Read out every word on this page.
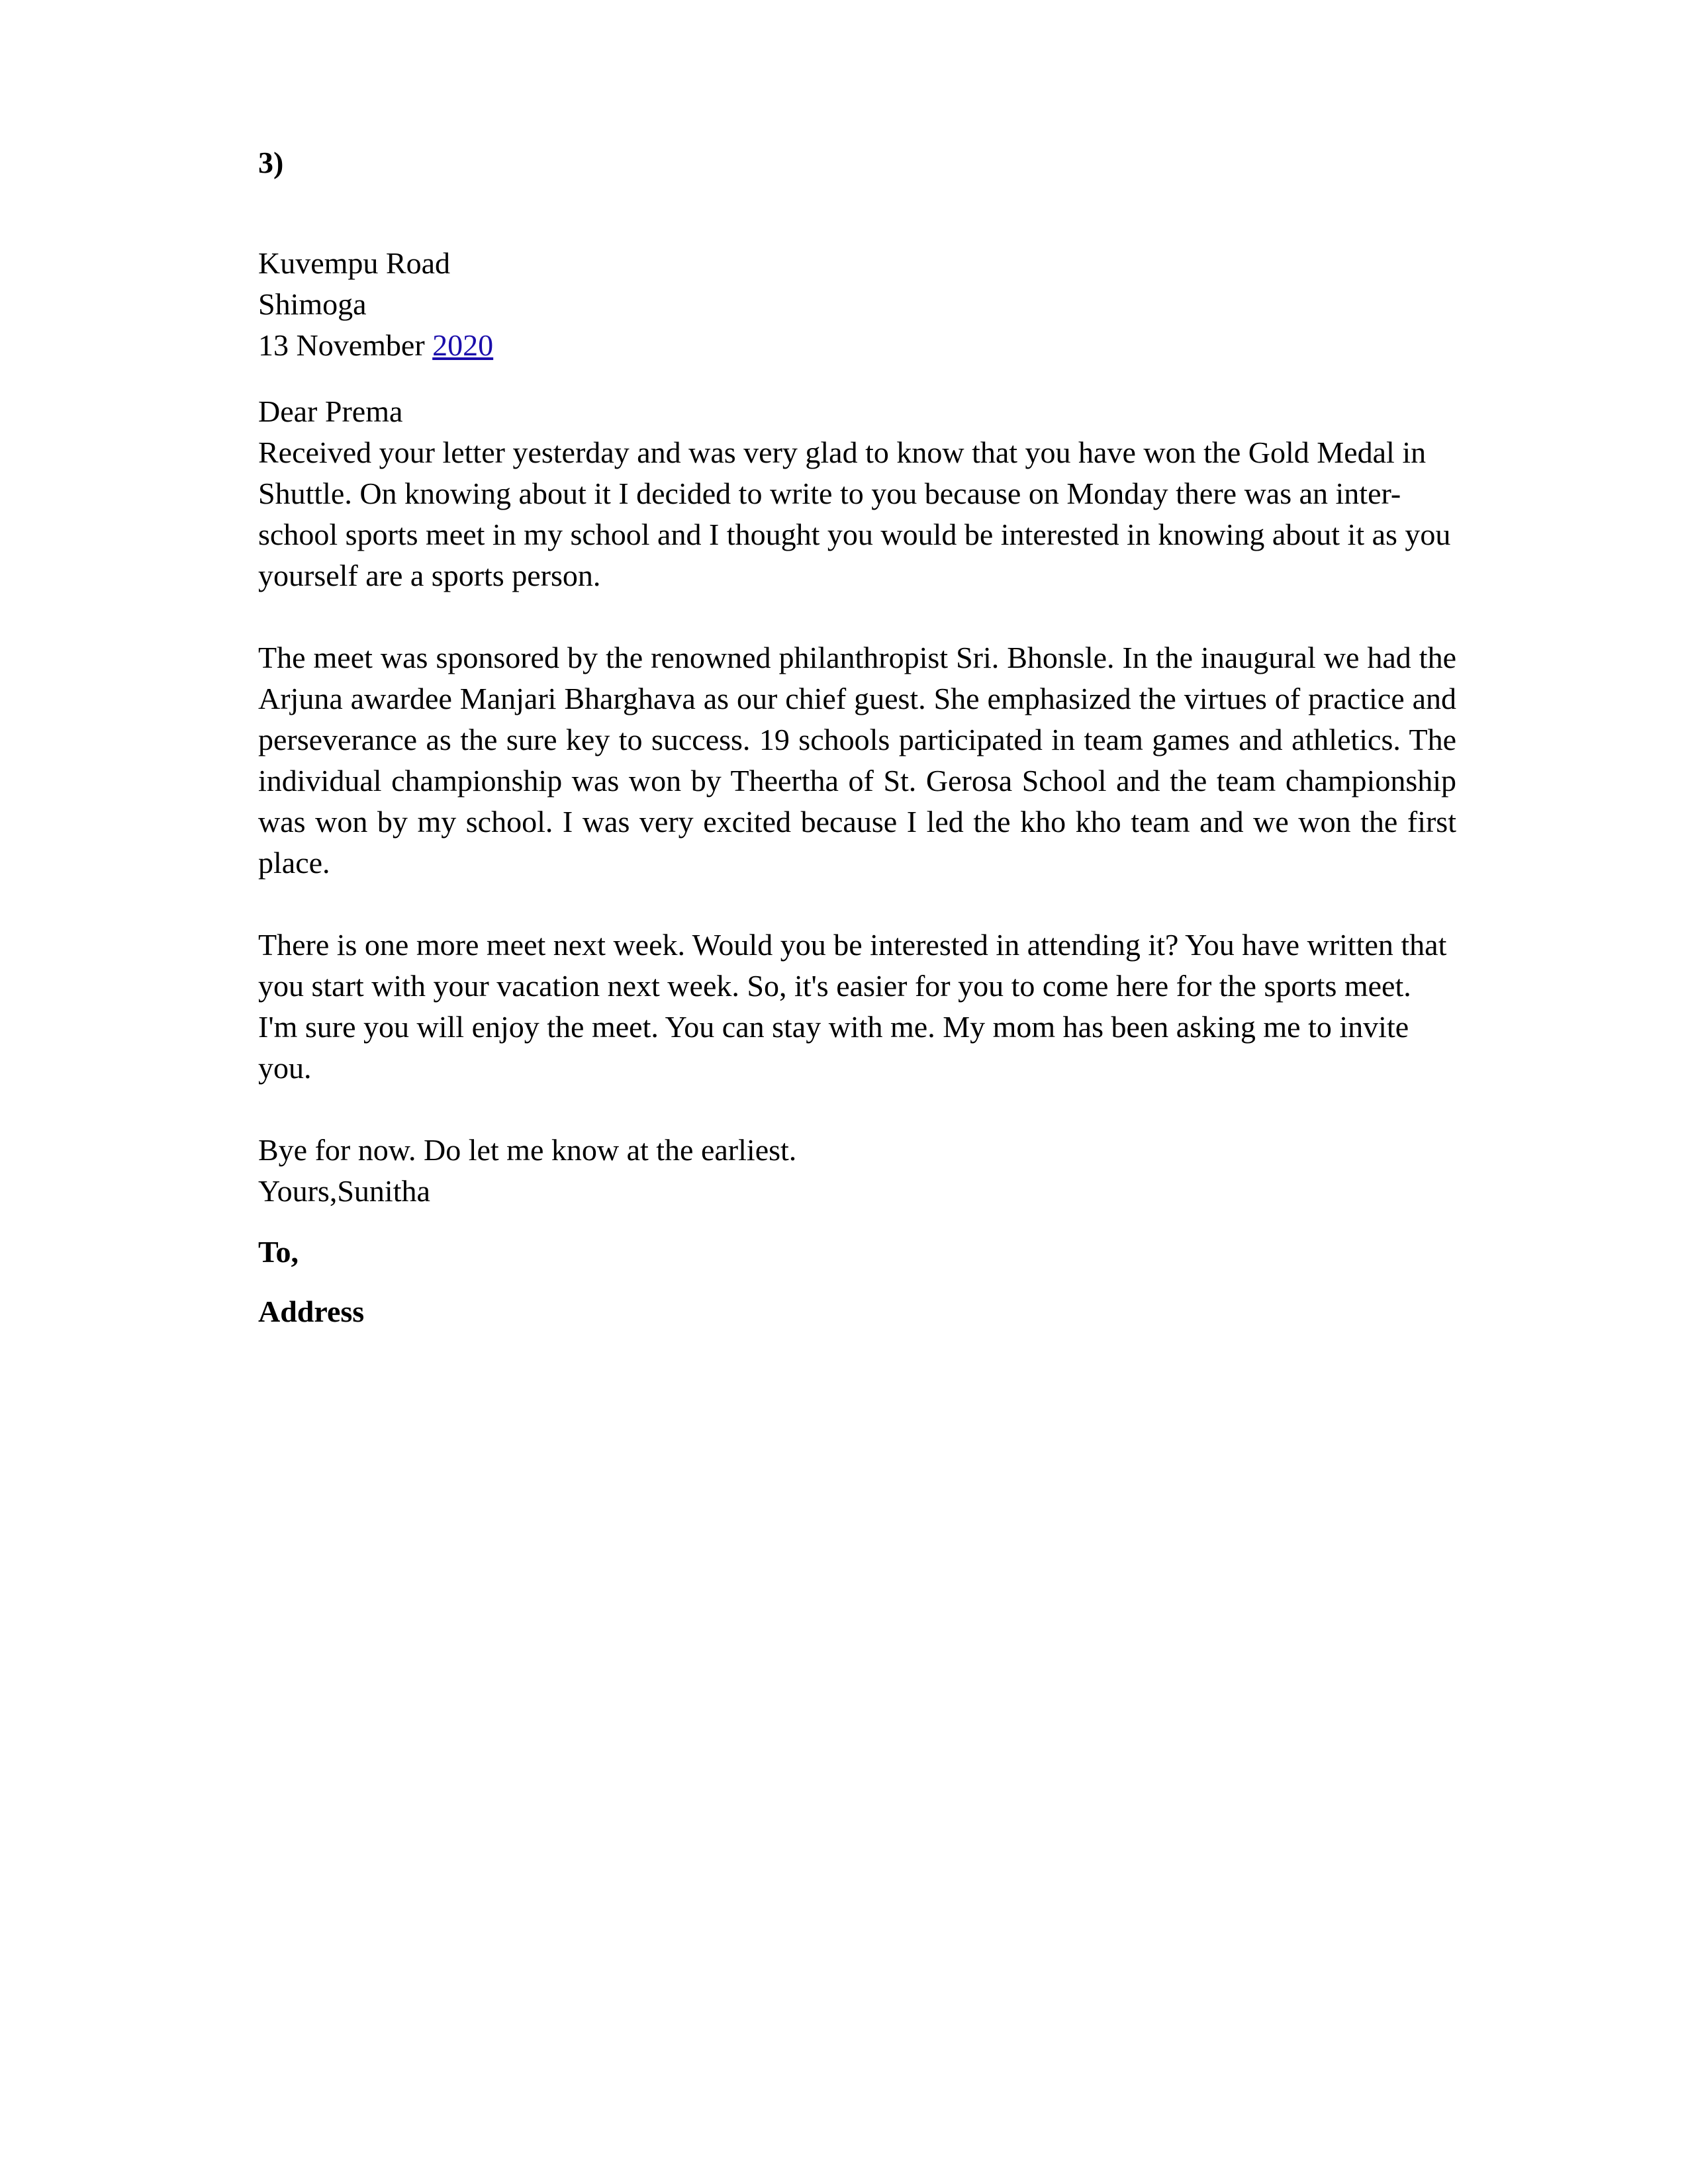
3)

Kuvempu Road
Shimoga
13 November 2020
Dear Prema

Received your letter yesterday and was very glad to know that you have won the Gold Medal in Shuttle. On knowing about it I decided to write to you because on Monday there was an inter-school sports meet in my school and I thought you would be interested in knowing about it as you yourself are a sports person.

The meet was sponsored by the renowned philanthropist Sri. Bhonsle. In the inaugural we had the Arjuna awardee Manjari Bharghava as our chief guest. She emphasized the virtues of practice and perseverance as the sure key to success. 19 schools participated in team games and athletics. The individual championship was won by Theertha of St. Gerosa School and the team championship was won by my school. I was very excited because I led the kho kho team and we won the first place.

There is one more meet next week. Would you be interested in attending it? You have written that you start with your vacation next week. So, it's easier for you to come here for the sports meet. I'm sure you will enjoy the meet. You can stay with me. My mom has been asking me to invite you.

Bye for now. Do let me know at the earliest.
Yours,Sunitha
To,
Address
